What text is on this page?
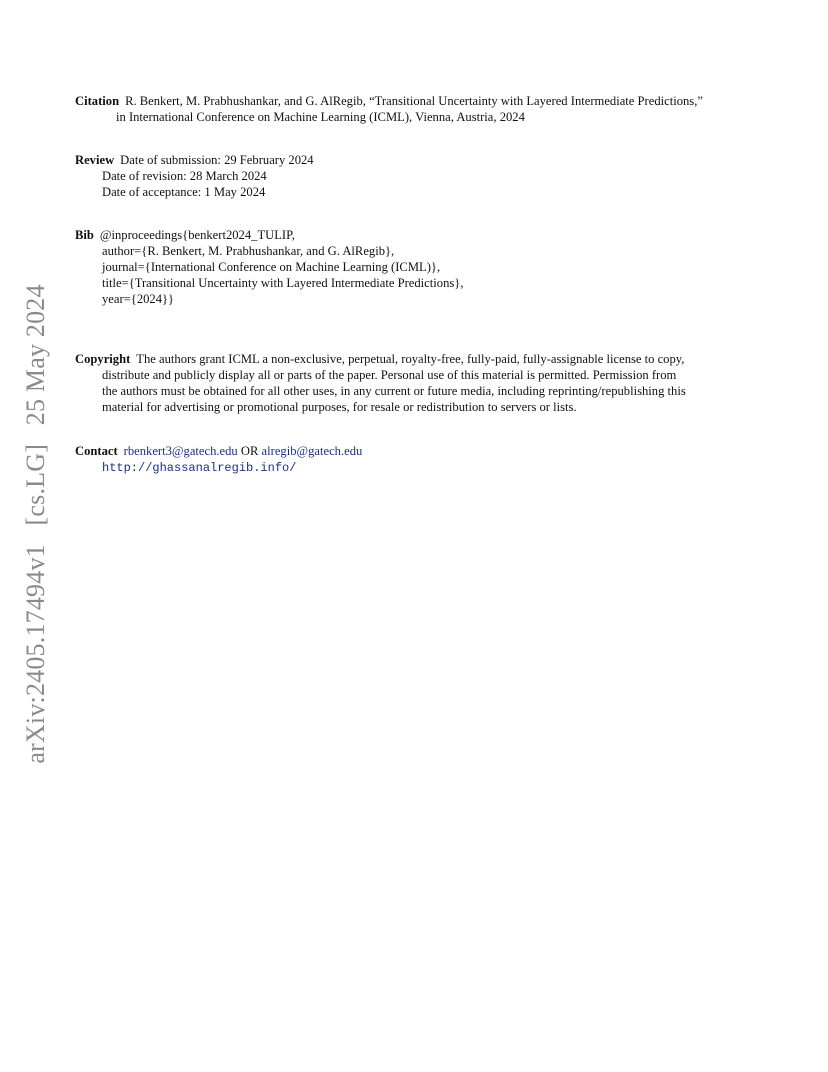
arXiv:2405.17494v1 [cs.LG] 25 May 2024
Citation R. Benkert, M. Prabhushankar, and G. AlRegib, “Transitional Uncertainty with Layered Intermediate Predictions,”
in International Conference on Machine Learning (ICML), Vienna, Austria, 2024
Review Date of submission: 29 February 2024
Date of revision: 28 March 2024
Date of acceptance: 1 May 2024
Bib @inproceedings{benkert2024_TULIP,
author={R. Benkert, M. Prabhushankar, and G. AlRegib},
journal={International Conference on Machine Learning (ICML)},
title={Transitional Uncertainty with Layered Intermediate Predictions},
year={2024}}
Copyright The authors grant ICML a non-exclusive, perpetual, royalty-free, fully-paid, fully-assignable license to copy,
distribute and publicly display all or parts of the paper. Personal use of this material is permitted. Permission from
the authors must be obtained for all other uses, in any current or future media, including reprinting/republishing this
material for advertising or promotional purposes, for resale or redistribution to servers or lists.
Contact rbenkert3@gatech.edu OR alregib@gatech.edu
http://ghassanalregib.info/
